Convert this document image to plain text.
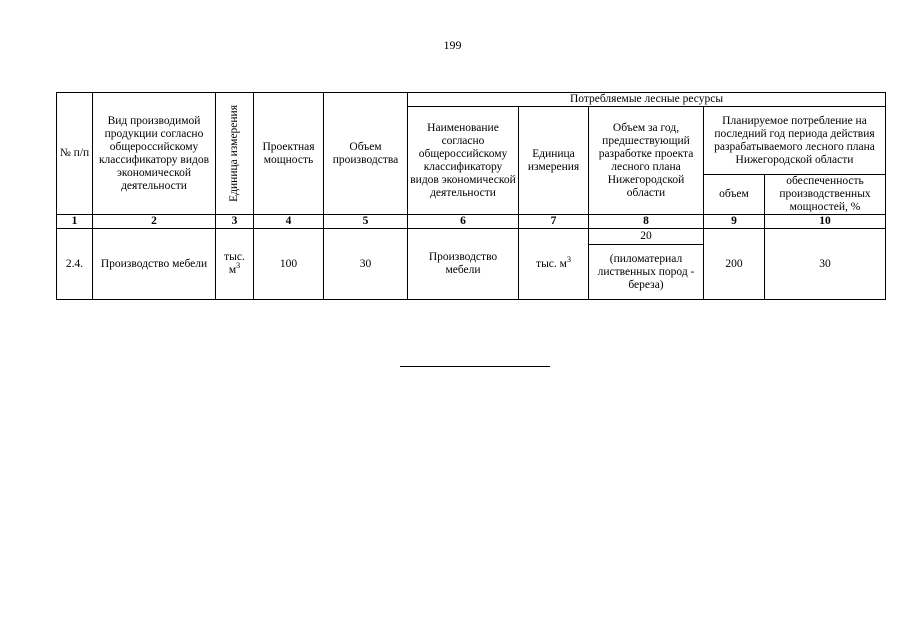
199
№ п/п	Вид производимой продукции согласно общероссийскому классификатору видов экономической деятельности	Единица измерения	Проектная мощность	Объем производства	Потребляемые лесные ресурсы				
					Наименование согласно общероссийскому классификатору видов экономической деятельности	Единица измерения	Объем за год, предшествующий разработке проекта лесного плана Нижегородской области	Планируемое потребление на последний год периода действия разрабатываемого лесного плана Нижегородской области	
								объем	обеспеченность производственных мощностей, %
1	2	3	4	5	6	7	8	9	10
2.4.	Производство мебели	тыс. $м^3$	100	30	Производство мебели	тыс. $м^3$	20	200	30
							(пиломатериал лиственных пород - береза)		
